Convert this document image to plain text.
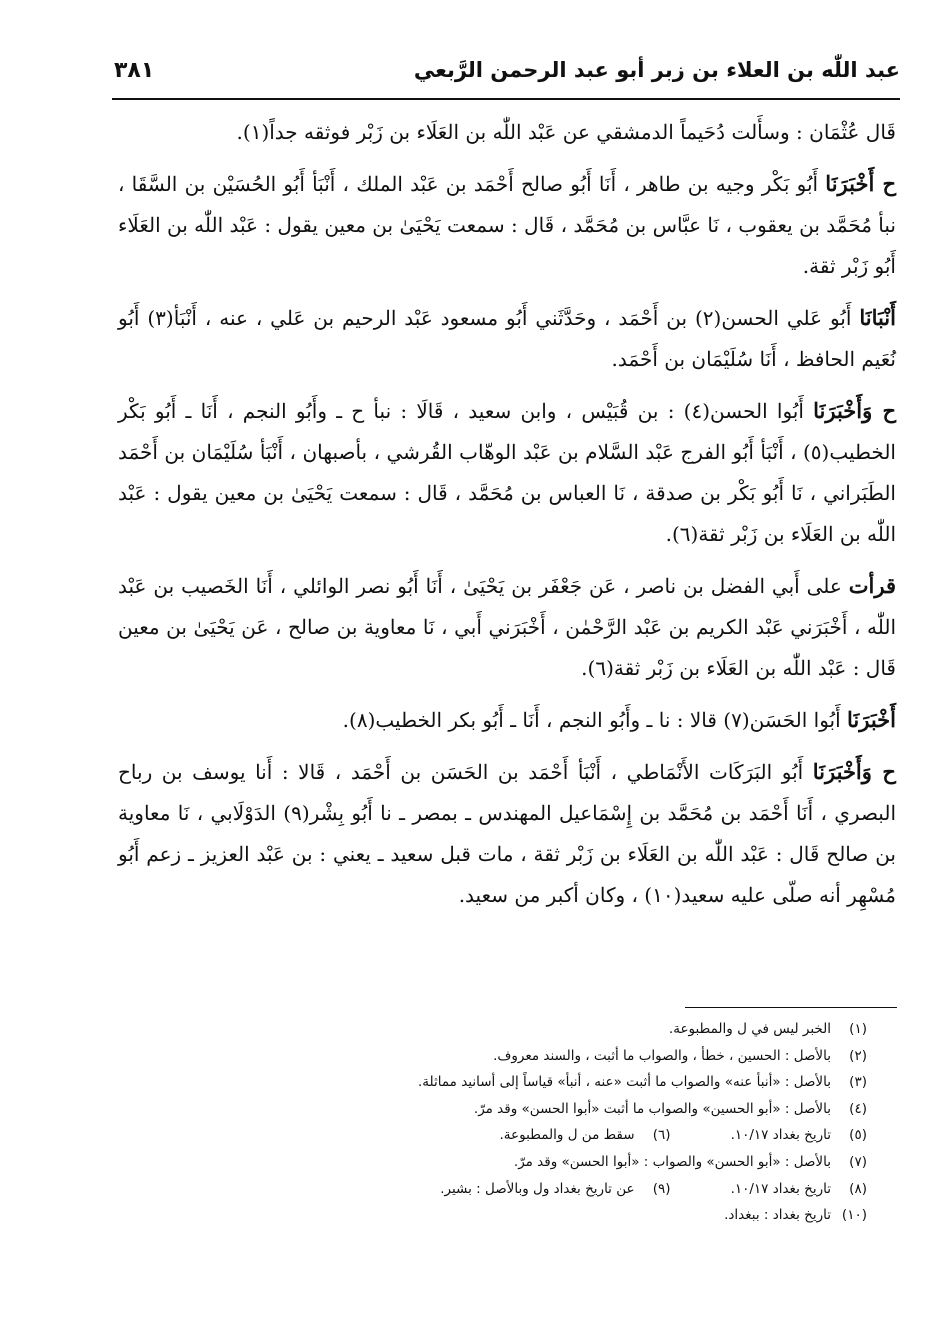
عبد اللّٰه بن العلاء بن زبر أبو عبد الرحمن الرَّبعي
٣٨١

قَال عُثْمَان : وسأَلت دُحَيماً الدمشقي عن عَبْد اللّٰه بن العَلَاء بن زَبْر فوثقه جداً(١).

ح أَخْبَرَنَا أَبُو بَكْر وجيه بن طاهر ، أَنَا أَبُو صالح أَحْمَد بن عَبْد الملك ، أَنْبَأ أَبُو الحُسَيْن بن السَّقَا ، نبأ مُحَمَّد بن يعقوب ، نَا عبَّاس بن مُحَمَّد ، قَال : سمعت يَحْيَىٰ بن معين يقول : عَبْد اللّٰه بن العَلَاء أَبُو زَبْر ثقة.

أَنْبَانَا أَبُو عَلي الحسن(٢) بن أَحْمَد ، وحَدَّثَني أَبُو مسعود عَبْد الرحيم بن عَلي ، عنه ، أَنْبَأ(٣) أَبُو نُعَيم الحافظ ، أَنَا سُلَيْمَان بن أَحْمَد.

ح وَأَخْبَرَنَا أَبُوا الحسن(٤) : بن قُبَيْس ، وابن سعيد ، قَالَا : نبأ ح ـ وأَبُو النجم ، أَنَا ـ أَبُو بَكْر الخطيب(٥) ، أَنْبَأ أَبُو الفرج عَبْد السَّلام بن عَبْد الوهّاب القُرشي ، بأصبهان ، أَنْبَأ سُلَيْمَان بن أَحْمَد الطَبَراني ، نَا أَبُو بَكْر بن صدقة ، نَا العباس بن مُحَمَّد ، قَال : سمعت يَحْيَىٰ بن معين يقول : عَبْد اللّٰه بن العَلَاء بن زَبْر ثقة(٦).

قرأت على أَبي الفضل بن ناصر ، عَن جَعْفَر بن يَحْيَىٰ ، أَنَا أَبُو نصر الوائلي ، أَنَا الخَصيب بن عَبْد اللّٰه ، أَخْبَرَني عَبْد الكريم بن عَبْد الرَّحْمٰن ، أَخْبَرَني أَبي ، نَا معاوية بن صالح ، عَن يَحْيَىٰ بن معين قَال : عَبْد اللّٰه بن العَلَاء بن زَبْر ثقة(٦).

أَخْبَرَنَا أَبُوا الحَسَن(٧) قالا : نا ـ وأَبُو النجم ، أَنَا ـ أَبُو بكر الخطيب(٨).

ح وَأَخْبَرَنَا أَبُو البَرَكَات الأَنْمَاطي ، أَنْبَأ أَحْمَد بن الحَسَن بن أَحْمَد ، قَالا : أَنا يوسف بن رباح البصري ، أَنَا أَحْمَد بن مُحَمَّد بن إِسْمَاعيل المهندس ـ بمصر ـ نا أَبُو بِشْر(٩) الدَوْلَابي ، نَا معاوية بن صالح قَال : عَبْد اللّٰه بن العَلَاء بن زَبْر ثقة ، مات قبل سعيد ـ يعني : بن عَبْد العزيز ـ زعم أَبُو مُسْهِر أنه صلّى عليه سعيد(١٠) ، وكان أكبر من سعيد.

(١)الخبر ليس في ل والمطبوعة.
(٢)بالأصل : الحسين ، خطأ ، والصواب ما أثبت ، والسند معروف.
(٣)بالأصل : «أنبأ عنه» والصواب ما أثبت «عنه ، أنبأ» قياساً إلى أسانيد مماثلة.
(٤)بالأصل : «أبو الحسين» والصواب ما أثبت «أبوا الحسن» وقد مرّ.
(٥)تاريخ بغداد ١٠/١٧.
(٦)سقط من ل والمطبوعة.
(٧)بالأصل : «أبو الحسن» والصواب : «أبوا الحسن» وقد مرّ.
(٨)تاريخ بغداد ١٠/١٧.
(٩)عن تاريخ بغداد ول وبالأصل : بشير.
(١٠)تاريخ بغداد : ببغداد.
